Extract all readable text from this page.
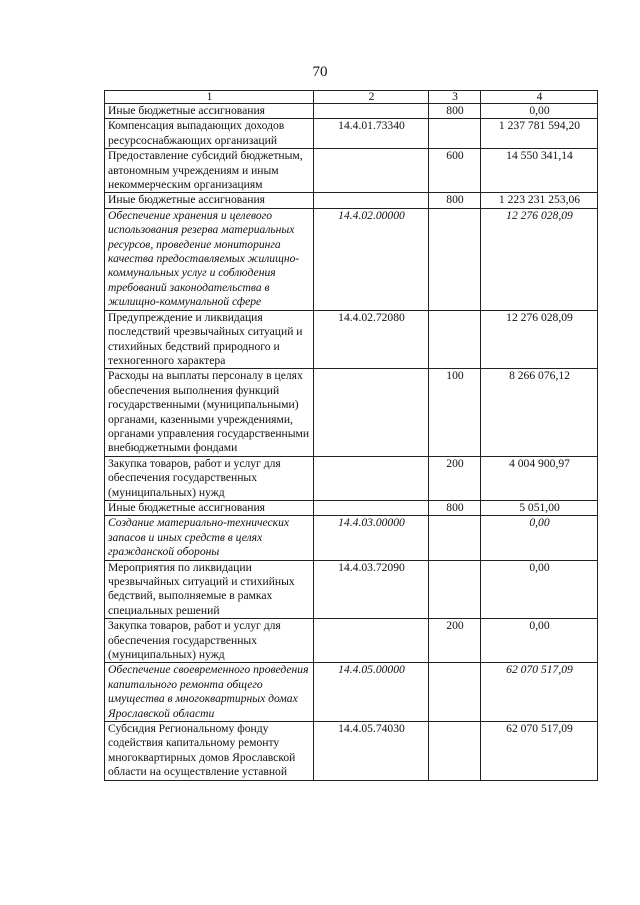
70
1	2	3	4
Иные бюджетные ассигнования		800	0,00
Компенсация выпадающих доходов ресурсоснабжающих организаций	14.4.01.73340		1 237 781 594,20
Предоставление субсидий бюджетным, автономным учреждениям и иным некоммерческим организациям		600	14 550 341,14
Иные бюджетные ассигнования		800	1 223 231 253,06
Обеспечение хранения и целевого использования резерва материальных ресурсов, проведение мониторинга качества предоставляемых жилищно-коммунальных услуг и соблюдения требований законодательства в жилищно-коммунальной сфере	14.4.02.00000		12 276 028,09
Предупреждение и ликвидация последствий чрезвычайных ситуаций и стихийных бедствий природного и техногенного характера	14.4.02.72080		12 276 028,09
Расходы на выплаты персоналу в целях обеспечения выполнения функций государственными (муниципальными) органами, казенными учреждениями, органами управления государственными внебюджетными фондами		100	8 266 076,12
Закупка товаров, работ и услуг для обеспечения государственных (муниципальных) нужд		200	4 004 900,97
Иные бюджетные ассигнования		800	5 051,00
Создание материально-технических запасов и иных средств в целях гражданской обороны	14.4.03.00000		0,00
Мероприятия по ликвидации чрезвычайных ситуаций и стихийных бедствий, выполняемые в рамках специальных решений	14.4.03.72090		0,00
Закупка товаров, работ и услуг для обеспечения государственных (муниципальных) нужд		200	0,00
Обеспечение своевременного проведения капитального ремонта общего имущества в многоквартирных домах Ярославской области	14.4.05.00000		62 070 517,09
Субсидия Региональному фонду содействия капитальному ремонту многоквартирных домов Ярославской области на осуществление уставной	14.4.05.74030		62 070 517,09
